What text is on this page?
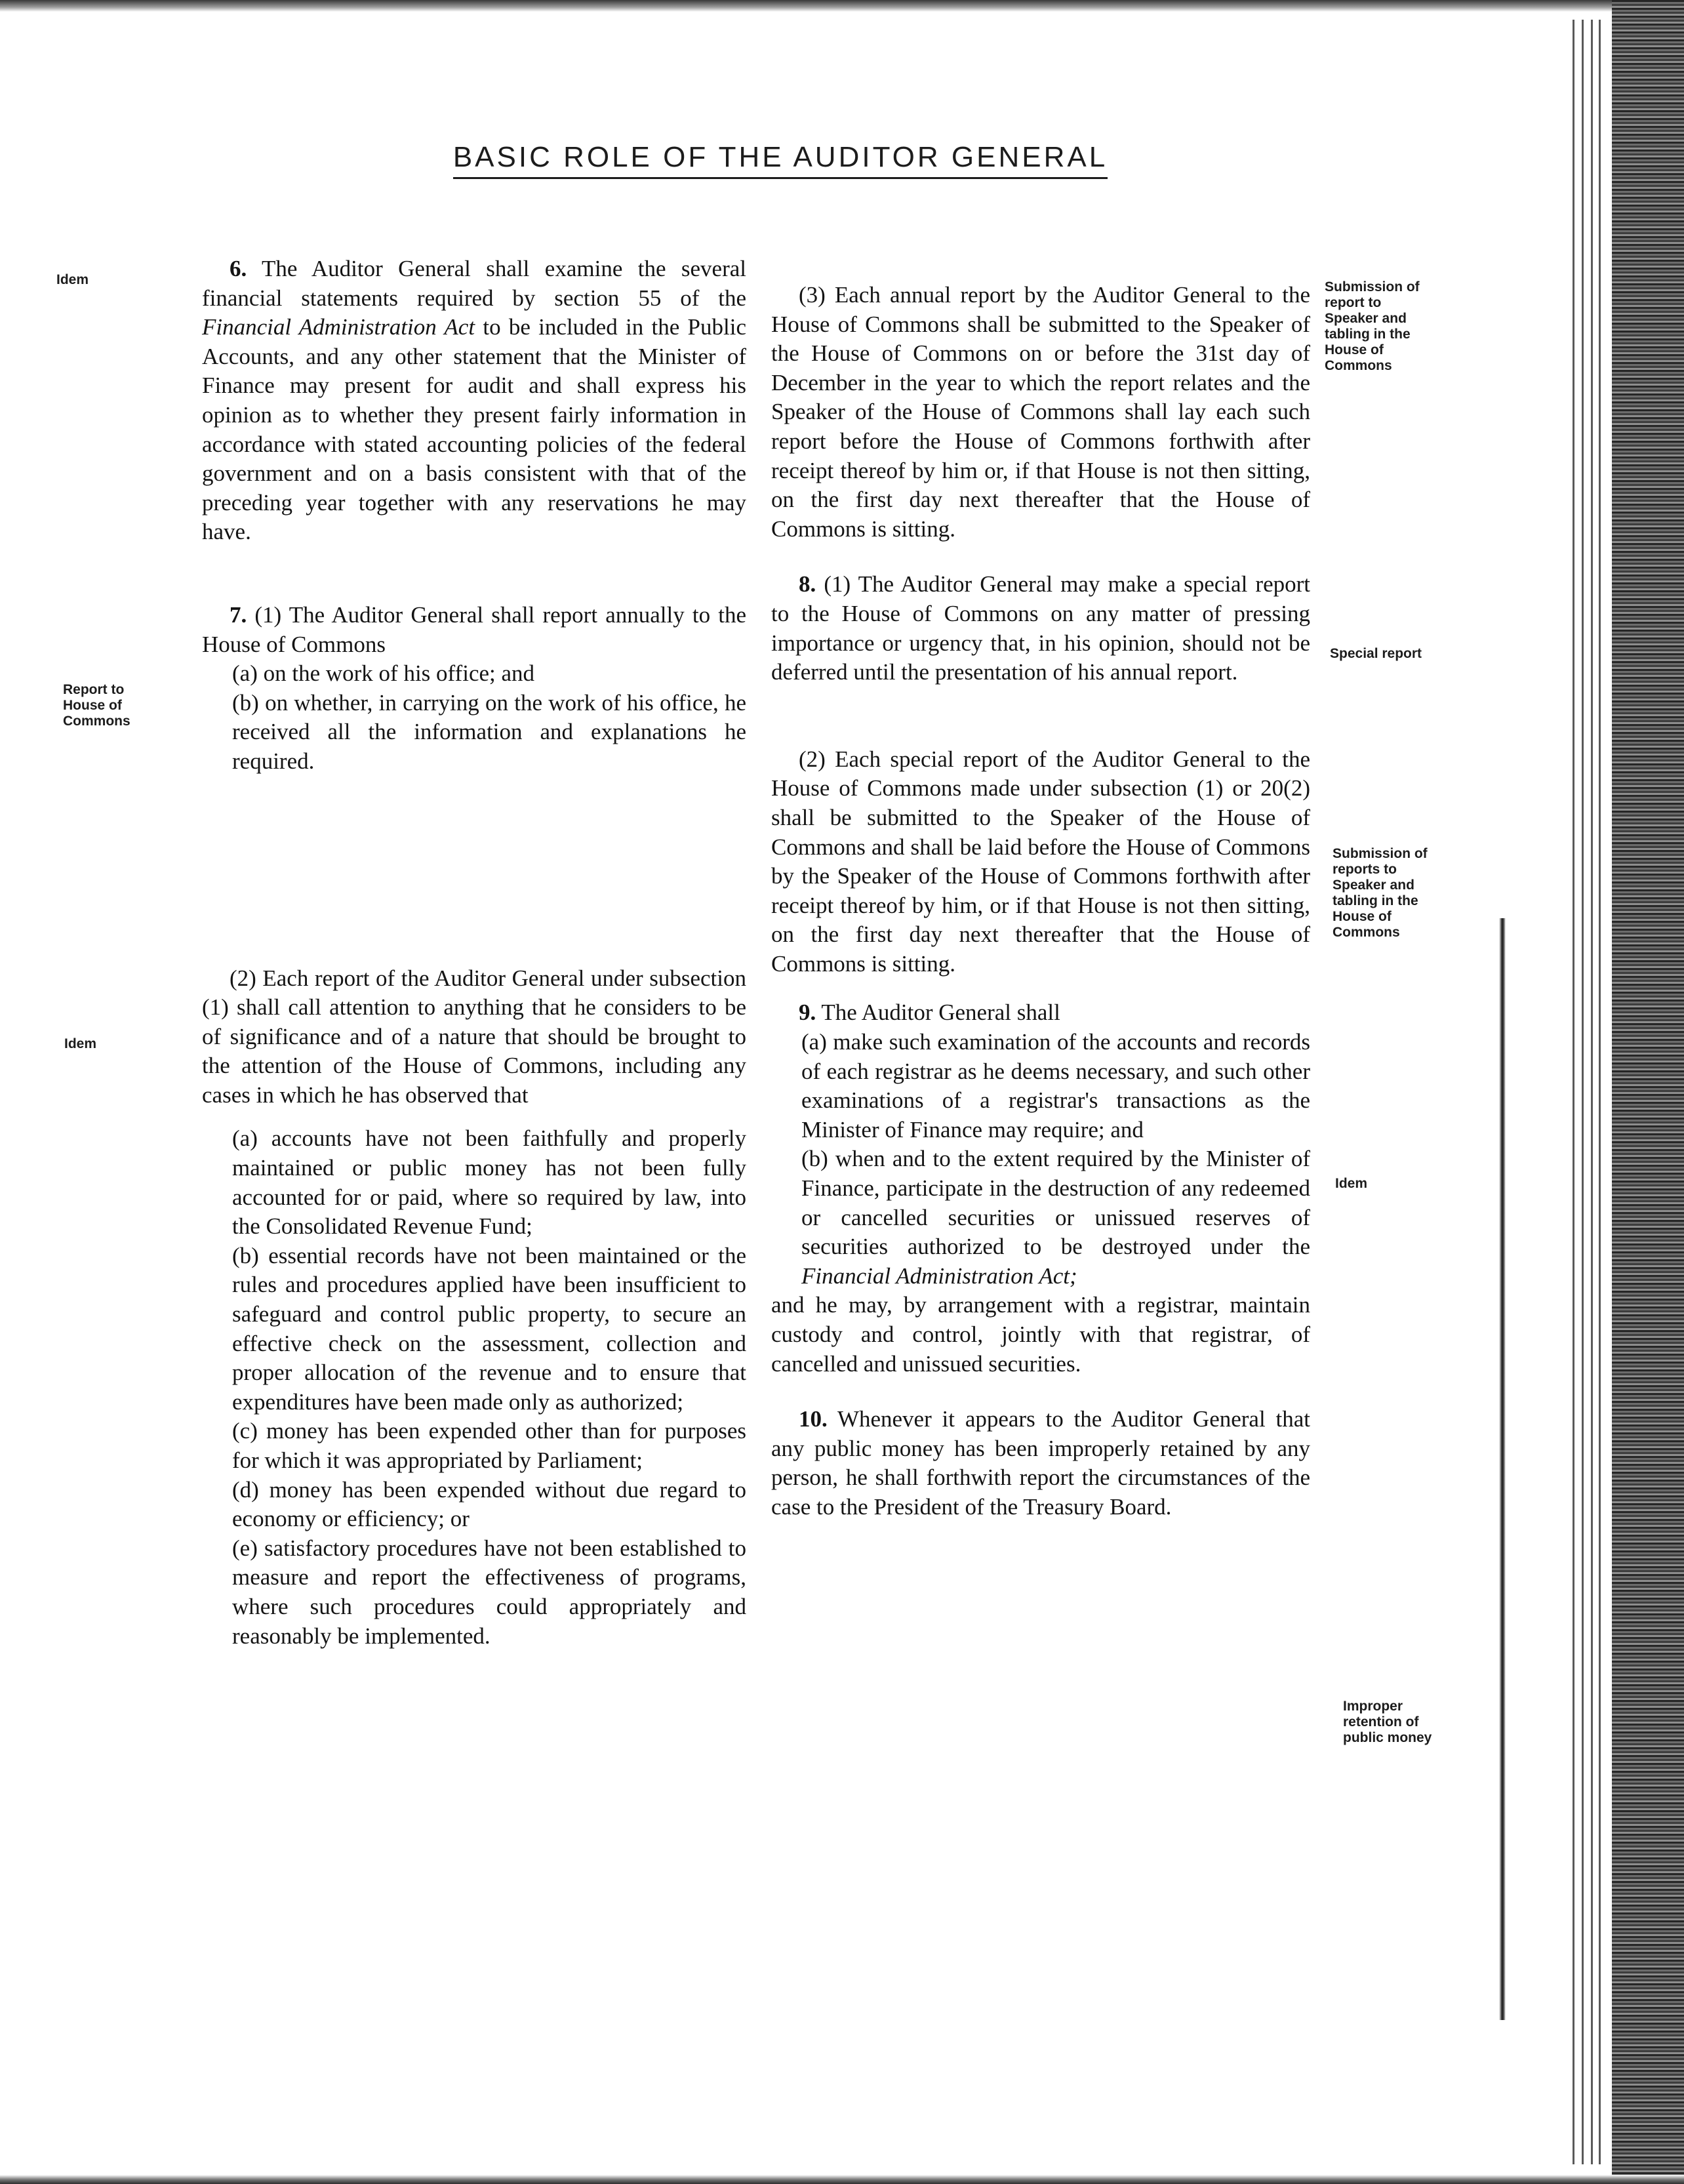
BASIC ROLE OF THE AUDITOR GENERAL
Idem
Report to
House of
Commons
Idem
Submission of
report to
Speaker and
tabling in the
House of
Commons
Special report
Submission of
reports to
Speaker and
tabling in the
House of
Commons
Idem
Improper
retention of
public money

6. The Auditor General shall examine the several financial statements required by section 55 of the Financial Administration Act to be included in the Public Accounts, and any other statement that the Minister of Finance may present for audit and shall express his opinion as to whether they present fairly information in accordance with stated accounting policies of the federal government and on a basis consistent with that of the preceding year together with any reservations he may have.

7. (1) The Auditor General shall report annually to the House of Commons

(a) on the work of his office; and

(b) on whether, in carrying on the work of his office, he received all the information and explanations he required.

(2) Each report of the Auditor General under subsection (1) shall call attention to anything that he considers to be of significance and of a nature that should be brought to the attention of the House of Commons, including any cases in which he has observed that

(a) accounts have not been faithfully and properly maintained or public money has not been fully accounted for or paid, where so required by law, into the Consolidated Revenue Fund;

(b) essential records have not been maintained or the rules and procedures applied have been insufficient to safeguard and control public property, to secure an effective check on the assessment, collection and proper allocation of the revenue and to ensure that expenditures have been made only as authorized;

(c) money has been expended other than for purposes for which it was appropriated by Parliament;

(d) money has been expended without due regard to economy or efficiency; or

(e) satisfactory procedures have not been established to measure and report the effectiveness of programs, where such procedures could appropriately and reasonably be implemented.

(3) Each annual report by the Auditor General to the House of Commons shall be submitted to the Speaker of the House of Commons on or before the 31st day of December in the year to which the report relates and the Speaker of the House of Commons shall lay each such report before the House of Commons forthwith after receipt thereof by him or, if that House is not then sitting, on the first day next thereafter that the House of Commons is sitting.

8. (1) The Auditor General may make a special report to the House of Commons on any matter of pressing importance or urgency that, in his opinion, should not be deferred until the presentation of his annual report.

(2) Each special report of the Auditor General to the House of Commons made under subsection (1) or 20(2) shall be submitted to the Speaker of the House of Commons and shall be laid before the House of Commons by the Speaker of the House of Commons forthwith after receipt thereof by him, or if that House is not then sitting, on the first day next thereafter that the House of Commons is sitting.

9. The Auditor General shall

(a) make such examination of the accounts and records of each registrar as he deems necessary, and such other examinations of a registrar's transactions as the Minister of Finance may require; and

(b) when and to the extent required by the Minister of Finance, participate in the destruction of any redeemed or cancelled securities or unissued reserves of securities authorized to be destroyed under the Financial Administration Act;

and he may, by arrangement with a registrar, maintain custody and control, jointly with that registrar, of cancelled and unissued securities.

10. Whenever it appears to the Auditor General that any public money has been improperly retained by any person, he shall forthwith report the circumstances of the case to the President of the Treasury Board.
